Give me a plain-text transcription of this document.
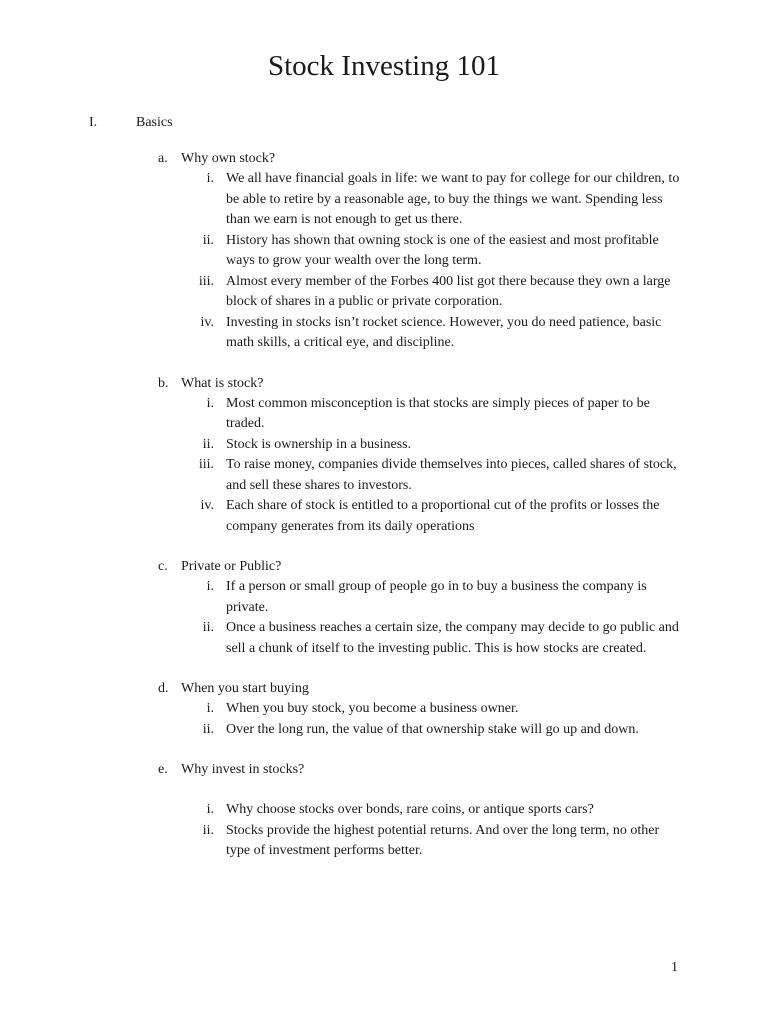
Stock Investing 101
I.	Basics
a. Why own stock?
i. We all have financial goals in life: we want to pay for college for our children, to be able to retire by a reasonable age, to buy the things we want. Spending less than we earn is not enough to get us there.
ii. History has shown that owning stock is one of the easiest and most profitable ways to grow your wealth over the long term.
iii. Almost every member of the Forbes 400 list got there because they own a large block of shares in a public or private corporation.
iv. Investing in stocks isn’t rocket science. However, you do need patience, basic math skills, a critical eye, and discipline.
b. What is stock?
i. Most common misconception is that stocks are simply pieces of paper to be traded.
ii. Stock is ownership in a business.
iii. To raise money, companies divide themselves into pieces, called shares of stock, and sell these shares to investors.
iv. Each share of stock is entitled to a proportional cut of the profits or losses the company generates from its daily operations
c. Private or Public?
i. If a person or small group of people go in to buy a business the company is private.
ii. Once a business reaches a certain size, the company may decide to go public and sell a chunk of itself to the investing public. This is how stocks are created.
d. When you start buying
i. When you buy stock, you become a business owner.
ii. Over the long run, the value of that ownership stake will go up and down.
e. Why invest in stocks?
i. Why choose stocks over bonds, rare coins, or antique sports cars?
ii. Stocks provide the highest potential returns. And over the long term, no other type of investment performs better.
1
